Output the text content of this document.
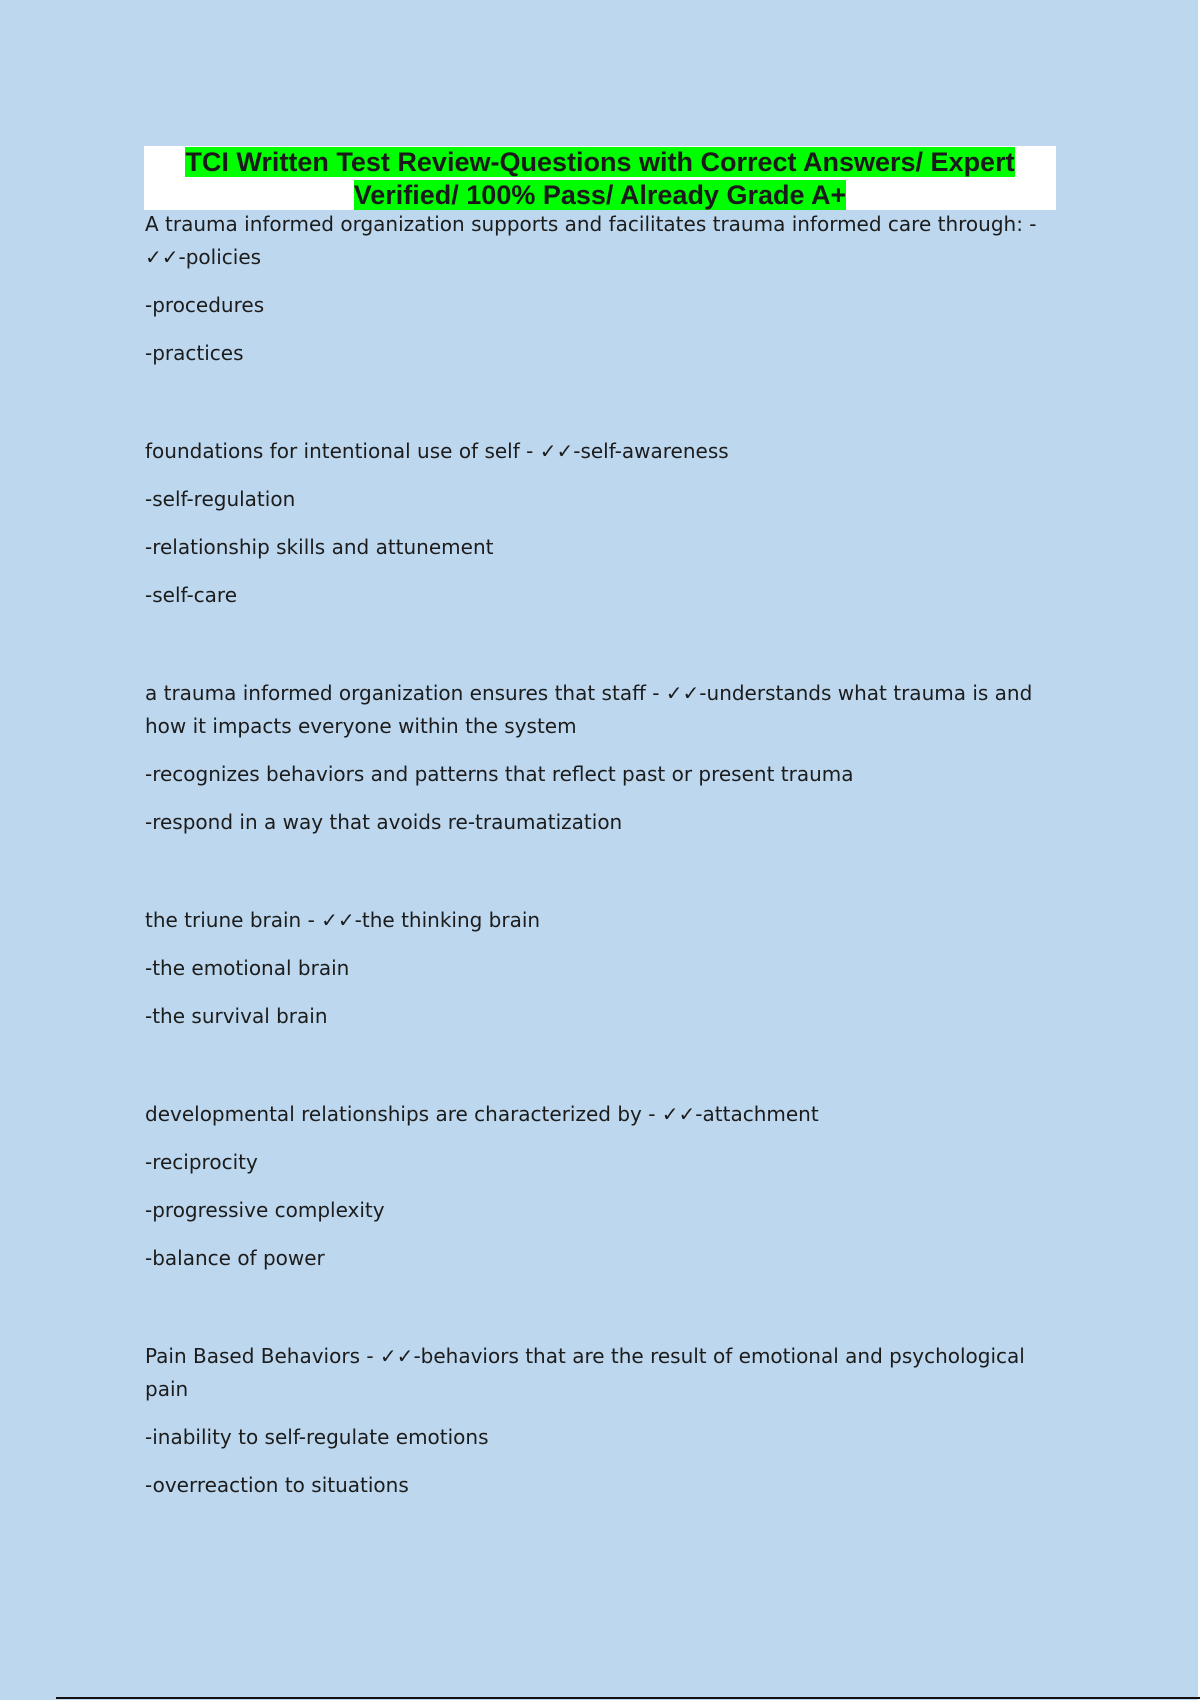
TCI Written Test Review-Questions with Correct Answers/ Expert
Verified/ 100% Pass/ Already Grade A+

A trauma informed organization supports and facilitates trauma informed care through: - ✓✓-policies

-procedures

-practices

foundations for intentional use of self - ✓✓-self-awareness

-self-regulation

-relationship skills and attunement

-self-care

a trauma informed organization ensures that staff - ✓✓-understands what trauma is and how it impacts everyone within the system

-recognizes behaviors and patterns that reflect past or present trauma

-respond in a way that avoids re-traumatization

the triune brain - ✓✓-the thinking brain

-the emotional brain

-the survival brain

developmental relationships are characterized by - ✓✓-attachment

-reciprocity

-progressive complexity

-balance of power

Pain Based Behaviors - ✓✓-behaviors that are the result of emotional and psychological pain

-inability to self-regulate emotions

-overreaction to situations
